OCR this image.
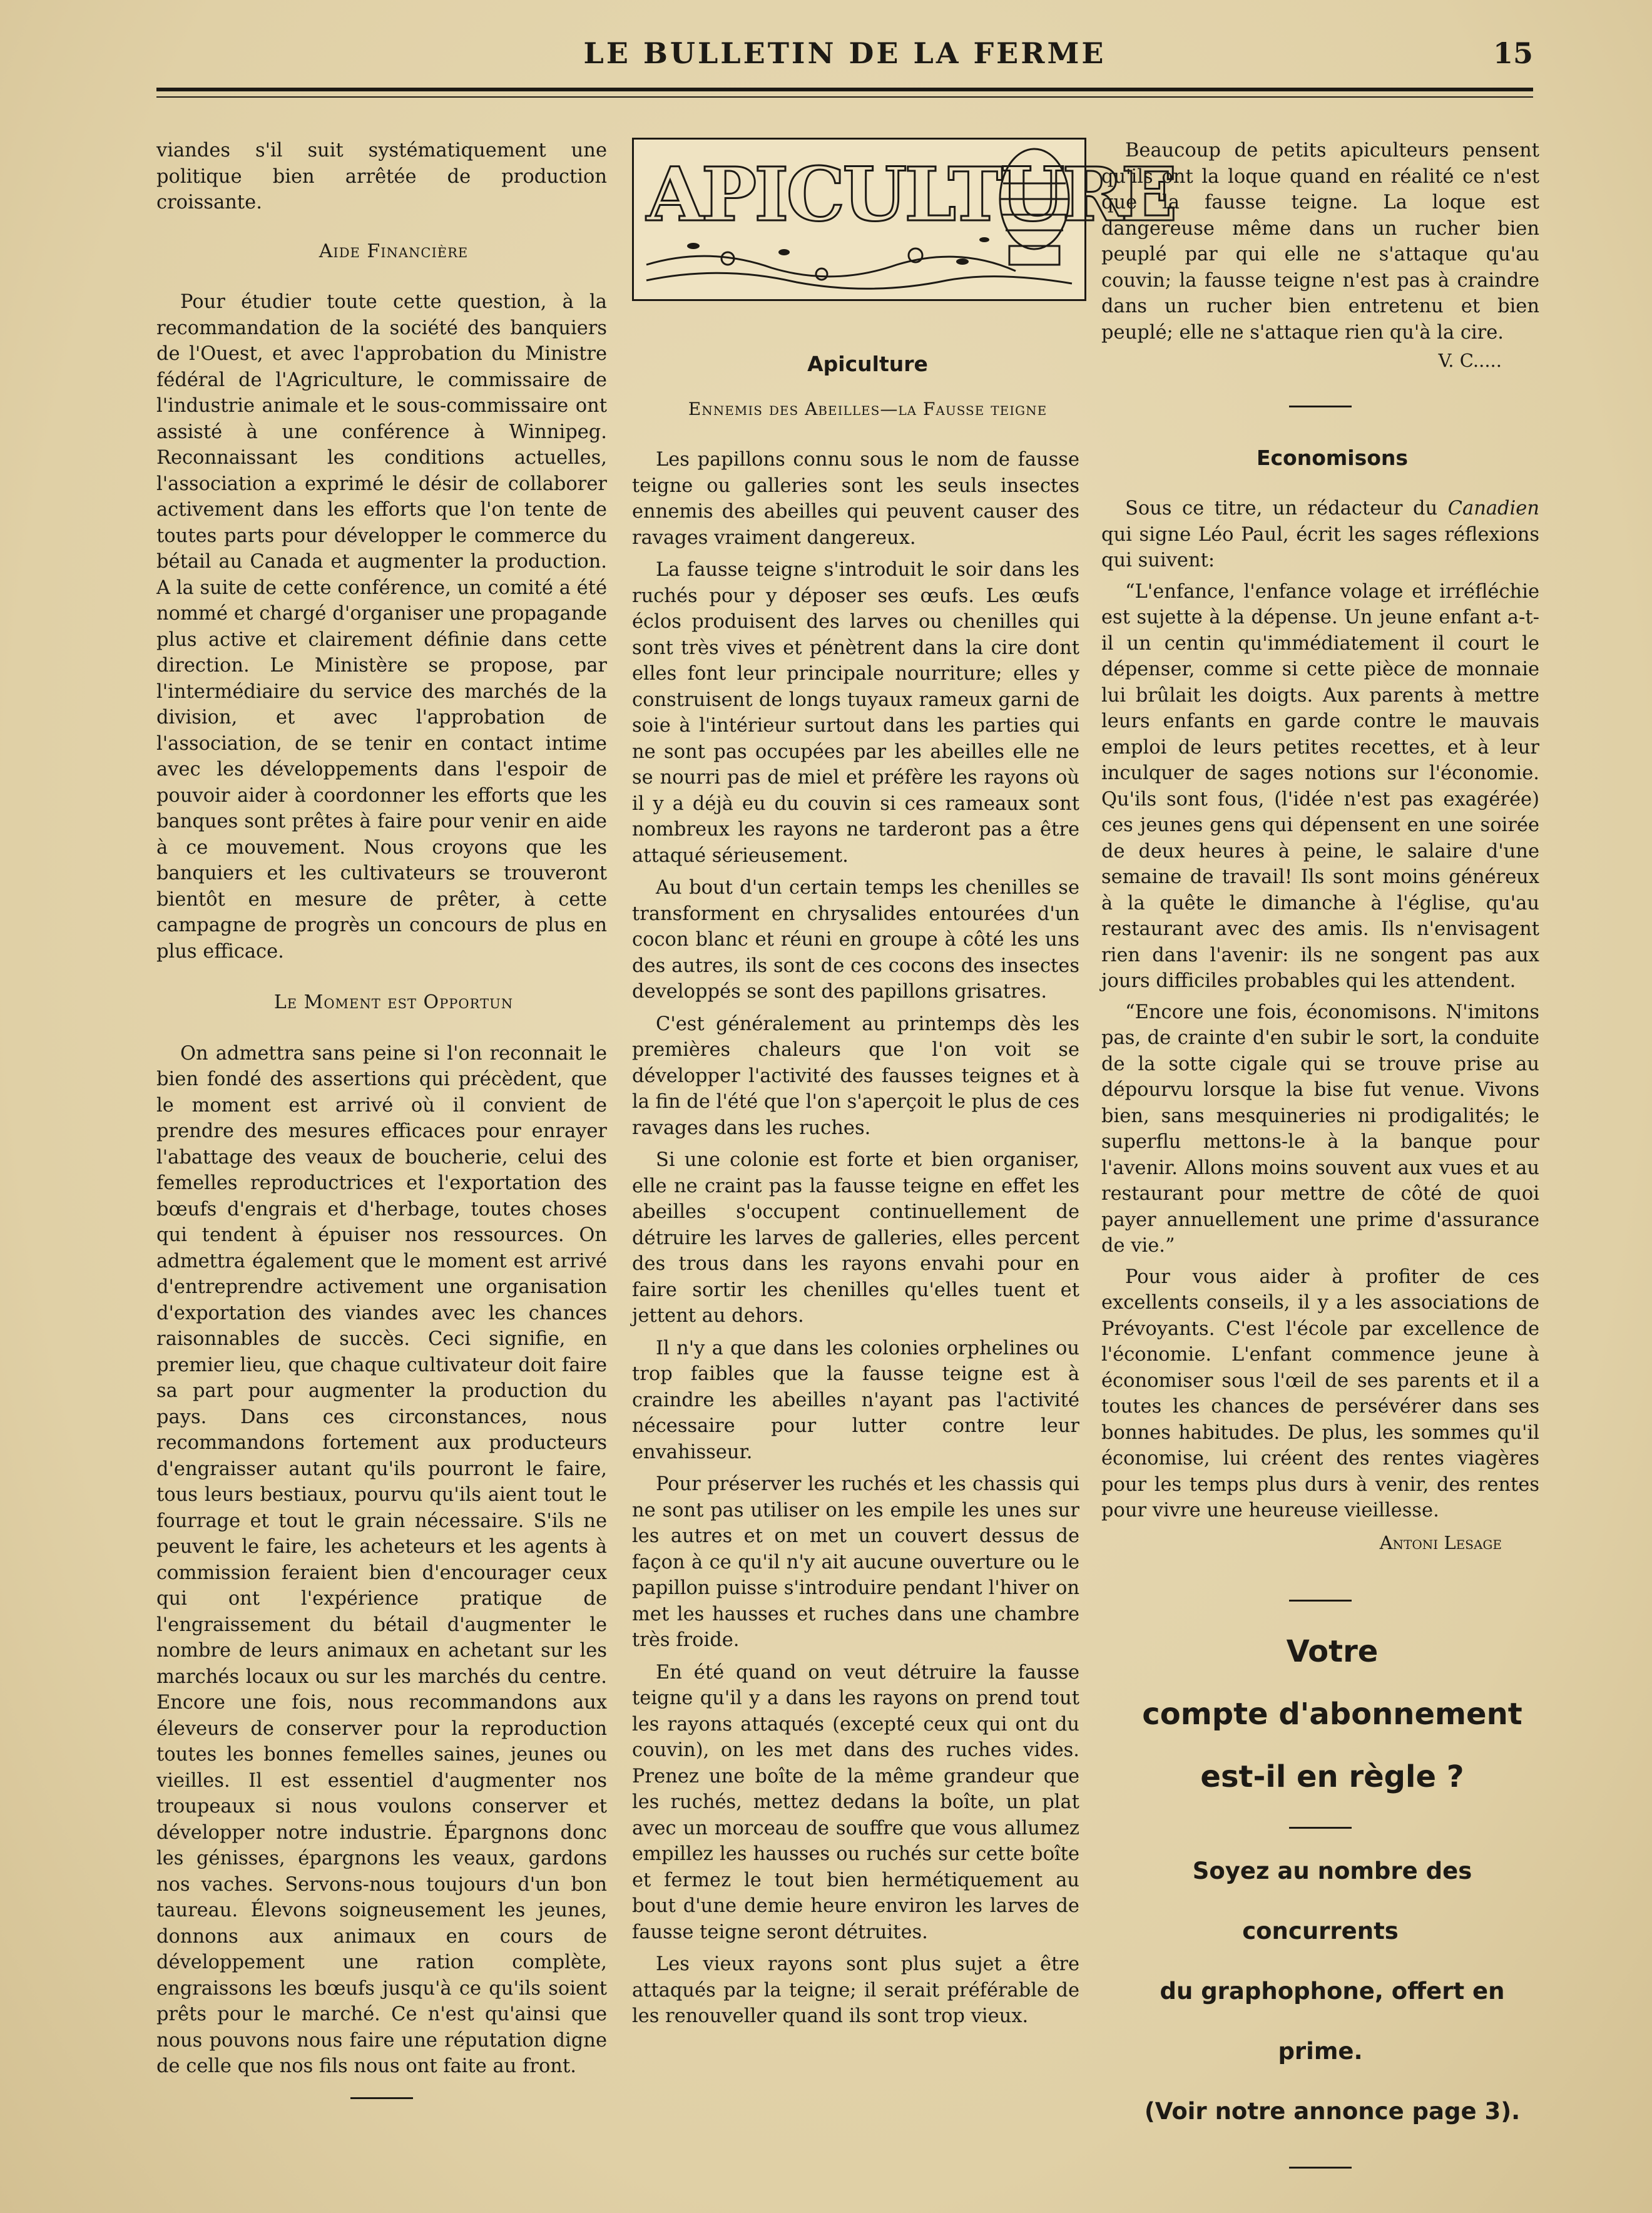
LE BULLETIN DE LA FERME	15

viandes s'il suit systématiquement une politique bien arrêtée de production croissante.

Aide Financière

Pour étudier toute cette question, à la recommandation de la société des banquiers de l'Ouest, et avec l'approbation du Ministre fédéral de l'Agriculture, le commissaire de l'industrie animale et le sous-commissaire ont assisté à une conférence à Winnipeg. Reconnaissant les conditions actuelles, l'association a exprimé le désir de collaborer activement dans les efforts que l'on tente de toutes parts pour développer le commerce du bétail au Canada et augmenter la production. A la suite de cette conférence, un comité a été nommé et chargé d'organiser une propagande plus active et clairement définie dans cette direction. Le Ministère se propose, par l'intermédiaire du service des marchés de la division, et avec l'approbation de l'association, de se tenir en contact intime avec les développements dans l'espoir de pouvoir aider à coordonner les efforts que les banques sont prêtes à faire pour venir en aide à ce mouvement. Nous croyons que les banquiers et les cultivateurs se trouveront bientôt en mesure de prêter, à cette campagne de progrès un concours de plus en plus efficace.

Le Moment est Opportun

On admettra sans peine si l'on reconnait le bien fondé des assertions qui précèdent, que le moment est arrivé où il convient de prendre des mesures efficaces pour enrayer l'abattage des veaux de boucherie, celui des femelles reproductrices et l'exportation des bœufs d'engrais et d'herbage, toutes choses qui tendent à épuiser nos ressources. On admettra également que le moment est arrivé d'entreprendre activement une organisation d'exportation des viandes avec les chances raisonnables de succès. Ceci signifie, en premier lieu, que chaque cultivateur doit faire sa part pour augmenter la production du pays. Dans ces circonstances, nous recommandons fortement aux producteurs d'engraisser autant qu'ils pourront le faire, tous leurs bestiaux, pourvu qu'ils aient tout le fourrage et tout le grain nécessaire. S'ils ne peuvent le faire, les acheteurs et les agents à commission feraient bien d'encourager ceux qui ont l'expérience pratique de l'engraissement du bétail d'augmenter le nombre de leurs animaux en achetant sur les marchés locaux ou sur les marchés du centre. Encore une fois, nous recommandons aux éleveurs de conserver pour la reproduction toutes les bonnes femelles saines, jeunes ou vieilles. Il est essentiel d'augmenter nos troupeaux si nous voulons conserver et développer notre industrie. Épargnons donc les génisses, épargnons les veaux, gardons nos vaches. Servons-nous toujours d'un bon taureau. Élevons soigneusement les jeunes, donnons aux animaux en cours de développement une ration complète, engraissons les bœufs jusqu'à ce qu'ils soient prêts pour le marché. Ce n'est qu'ainsi que nous pouvons nous faire une réputation digne de celle que nos fils nous ont faite au front.

APICULTURE

Apiculture

Ennemis des Abeilles—la Fausse teigne

Les papillons connu sous le nom de fausse teigne ou galleries sont les seuls insectes ennemis des abeilles qui peuvent causer des ravages vraiment dangereux.

La fausse teigne s'introduit le soir dans les ruchés pour y déposer ses œufs. Les œufs éclos produisent des larves ou chenilles qui sont très vives et pénètrent dans la cire dont elles font leur principale nourriture; elles y construisent de longs tuyaux rameux garni de soie à l'intérieur surtout dans les parties qui ne sont pas occupées par les abeilles elle ne se nourri pas de miel et préfère les rayons où il y a déjà eu du couvin si ces rameaux sont nombreux les rayons ne tarderont pas a être attaqué sérieusement.

Au bout d'un certain temps les chenilles se transforment en chrysalides entourées d'un cocon blanc et réuni en groupe à côté les uns des autres, ils sont de ces cocons des insectes developpés se sont des papillons grisatres.

C'est généralement au printemps dès les premières chaleurs que l'on voit se développer l'activité des fausses teignes et à la fin de l'été que l'on s'aperçoit le plus de ces ravages dans les ruches.

Si une colonie est forte et bien organiser, elle ne craint pas la fausse teigne en effet les abeilles s'occupent continuellement de détruire les larves de galleries, elles percent des trous dans les rayons envahi pour en faire sortir les chenilles qu'elles tuent et jettent au dehors.

Il n'y a que dans les colonies orphelines ou trop faibles que la fausse teigne est à craindre les abeilles n'ayant pas l'activité nécessaire pour lutter contre leur envahisseur.

Pour préserver les ruchés et les chassis qui ne sont pas utiliser on les empile les unes sur les autres et on met un couvert dessus de façon à ce qu'il n'y ait aucune ouverture ou le papillon puisse s'introduire pendant l'hiver on met les hausses et ruches dans une chambre très froide.

En été quand on veut détruire la fausse teigne qu'il y a dans les rayons on prend tout les rayons attaqués (excepté ceux qui ont du couvin), on les met dans des ruches vides. Prenez une boîte de la même grandeur que les ruchés, mettez dedans la boîte, un plat avec un morceau de souffre que vous allumez empillez les hausses ou ruchés sur cette boîte et fermez le tout bien hermétiquement au bout d'une demie heure environ les larves de fausse teigne seront détruites.

Les vieux rayons sont plus sujet a être attaqués par la teigne; il serait préférable de les renouveller quand ils sont trop vieux.

Beaucoup de petits apiculteurs pensent qu'ils ont la loque quand en réalité ce n'est que la fausse teigne. La loque est dangereuse même dans un rucher bien peuplé par qui elle ne s'attaque qu'au couvin; la fausse teigne n'est pas à craindre dans un rucher bien entretenu et bien peuplé; elle ne s'attaque rien qu'à la cire.

V. C.....

Economisons

Sous ce titre, un rédacteur du Canadien qui signe Léo Paul, écrit les sages réflexions qui suivent:

“L'enfance, l'enfance volage et irréfléchie est sujette à la dépense. Un jeune enfant a-t-il un centin qu'immédiatement il court le dépenser, comme si cette pièce de monnaie lui brûlait les doigts. Aux parents à mettre leurs enfants en garde contre le mauvais emploi de leurs petites recettes, et à leur inculquer de sages notions sur l'économie. Qu'ils sont fous, (l'idée n'est pas exagérée) ces jeunes gens qui dépensent en une soirée de deux heures à peine, le salaire d'une semaine de travail! Ils sont moins généreux à la quête le dimanche à l'église, qu'au restaurant avec des amis. Ils n'envisagent rien dans l'avenir: ils ne songent pas aux jours difficiles probables qui les attendent.

“Encore une fois, économisons. N'imitons pas, de crainte d'en subir le sort, la conduite de la sotte cigale qui se trouve prise au dépourvu lorsque la bise fut venue. Vivons bien, sans mesquineries ni prodigalités; le superflu mettons-le à la banque pour l'avenir. Allons moins souvent aux vues et au restaurant pour mettre de côté de quoi payer annuellement une prime d'assurance de vie.”

Pour vous aider à profiter de ces excellents conseils, il y a les associations de Prévoyants. C'est l'école par excellence de l'économie. L'enfant commence jeune à économiser sous l'œil de ses parents et il a toutes les chances de persévérer dans ses bonnes habitudes. De plus, les sommes qu'il économise, lui créent des rentes viagères pour les temps plus durs à venir, des rentes pour vivre une heureuse vieillesse.

Antoni Lesage

Votre

compte d'abonnement

est-il en règle ?

Soyez au nombre des concurrents

du graphophone, offert en prime.

(Voir notre annonce page 3).
